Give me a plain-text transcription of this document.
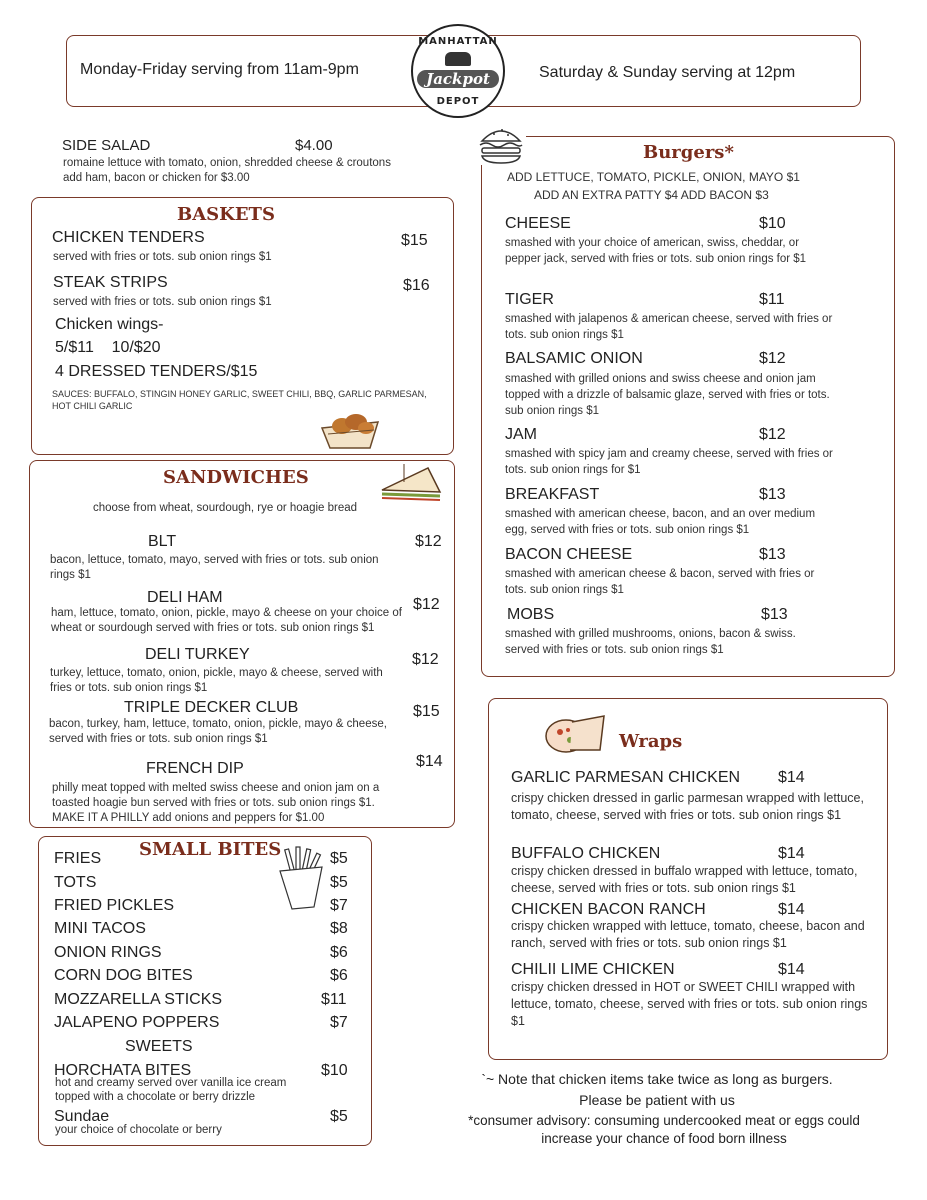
Monday-Friday serving from 11am-9pm	Saturday & Sunday serving at 12pm
MANHATTAN
Jackpot
DEPOT
SIDE SALAD	$4.00
romaine lettuce with tomato, onion, shredded cheese & croutons
add ham, bacon or chicken for $3.00
BASKETS
CHICKEN TENDERS	$15
served with fries or tots. sub onion rings $1
STEAK STRIPS	$16
served with fries or tots. sub onion rings $1
Chicken wings-
5/$11    10/$20
4 DRESSED TENDERS/$15
SAUCES: BUFFALO, STINGIN HONEY GARLIC, SWEET CHILI, BBQ, GARLIC PARMESAN, HOT CHILI GARLIC
SANDWICHES
choose from wheat, sourdough, rye or hoagie bread
BLT	$12
bacon, lettuce, tomato, mayo, served with fries or tots. sub onion rings $1
DELI HAM	$12
ham, lettuce, tomato, onion, pickle, mayo & cheese on your choice of wheat or sourdough served with fries or tots. sub onion rings $1
DELI TURKEY	$12
turkey, lettuce, tomato, onion, pickle, mayo & cheese, served with fries or tots. sub onion rings $1
TRIPLE DECKER CLUB	$15
bacon, turkey, ham, lettuce, tomato, onion, pickle, mayo & cheese, served with fries or tots. sub onion rings $1
FRENCH DIP	$14
philly meat topped with melted swiss cheese and onion jam on a toasted hoagie bun served with fries or tots. sub onion rings $1. MAKE IT A PHILLY add onions and peppers for $1.00
SMALL BITES
FRIES	$5
TOTS	$5
FRIED PICKLES	$7
MINI TACOS	$8
ONION RINGS	$6
CORN DOG BITES	$6
MOZZARELLA STICKS	$11
JALAPENO POPPERS	$7
SWEETS
HORCHATA BITES	$10
hot and creamy served over vanilla ice cream topped with a chocolate or berry drizzle
Sundae	$5
your choice of chocolate or berry
Burgers*
ADD LETTUCE, TOMATO, PICKLE, ONION, MAYO $1
ADD AN EXTRA PATTY $4 ADD BACON $3
CHEESE	$10
smashed with your choice of american, swiss, cheddar, or pepper jack, served with fries or tots. sub onion rings for $1
TIGER	$11
smashed with jalapenos & american cheese, served with fries or tots. sub onion rings $1
BALSAMIC ONION	$12
smashed with grilled onions and swiss cheese and onion jam topped with a drizzle of balsamic glaze, served with fries or tots. sub onion rings $1
JAM	$12
smashed with spicy jam and creamy cheese, served with fries or tots. sub onion rings for $1
BREAKFAST	$13
smashed with american cheese, bacon, and an over medium egg, served with fries or tots. sub onion rings $1
BACON CHEESE	$13
smashed with american cheese & bacon, served with fries or tots. sub onion rings $1
MOBS	$13
smashed with grilled mushrooms, onions, bacon & swiss. served with fries or tots. sub onion rings $1
Wraps
GARLIC PARMESAN CHICKEN $14
crispy chicken dressed in garlic parmesan wrapped with lettuce, tomato, cheese, served with fries or tots. sub onion rings $1
BUFFALO CHICKEN	$14
crispy chicken dressed in buffalo wrapped with lettuce, tomato, cheese, served with fries or tots. sub onion rings $1
CHICKEN BACON RANCH	$14
crispy chicken wrapped with lettuce, tomato, cheese, bacon and ranch, served with fries or tots. sub onion rings $1
CHILII LIME CHICKEN	$14
crispy chicken dressed in HOT or SWEET CHILI wrapped with lettuce, tomato, cheese, served with fries or tots. sub onion rings $1
`~ Note that chicken items take twice as long as burgers.
Please be patient with us
*consumer advisory: consuming undercooked meat or eggs could
increase your chance of food born illness
